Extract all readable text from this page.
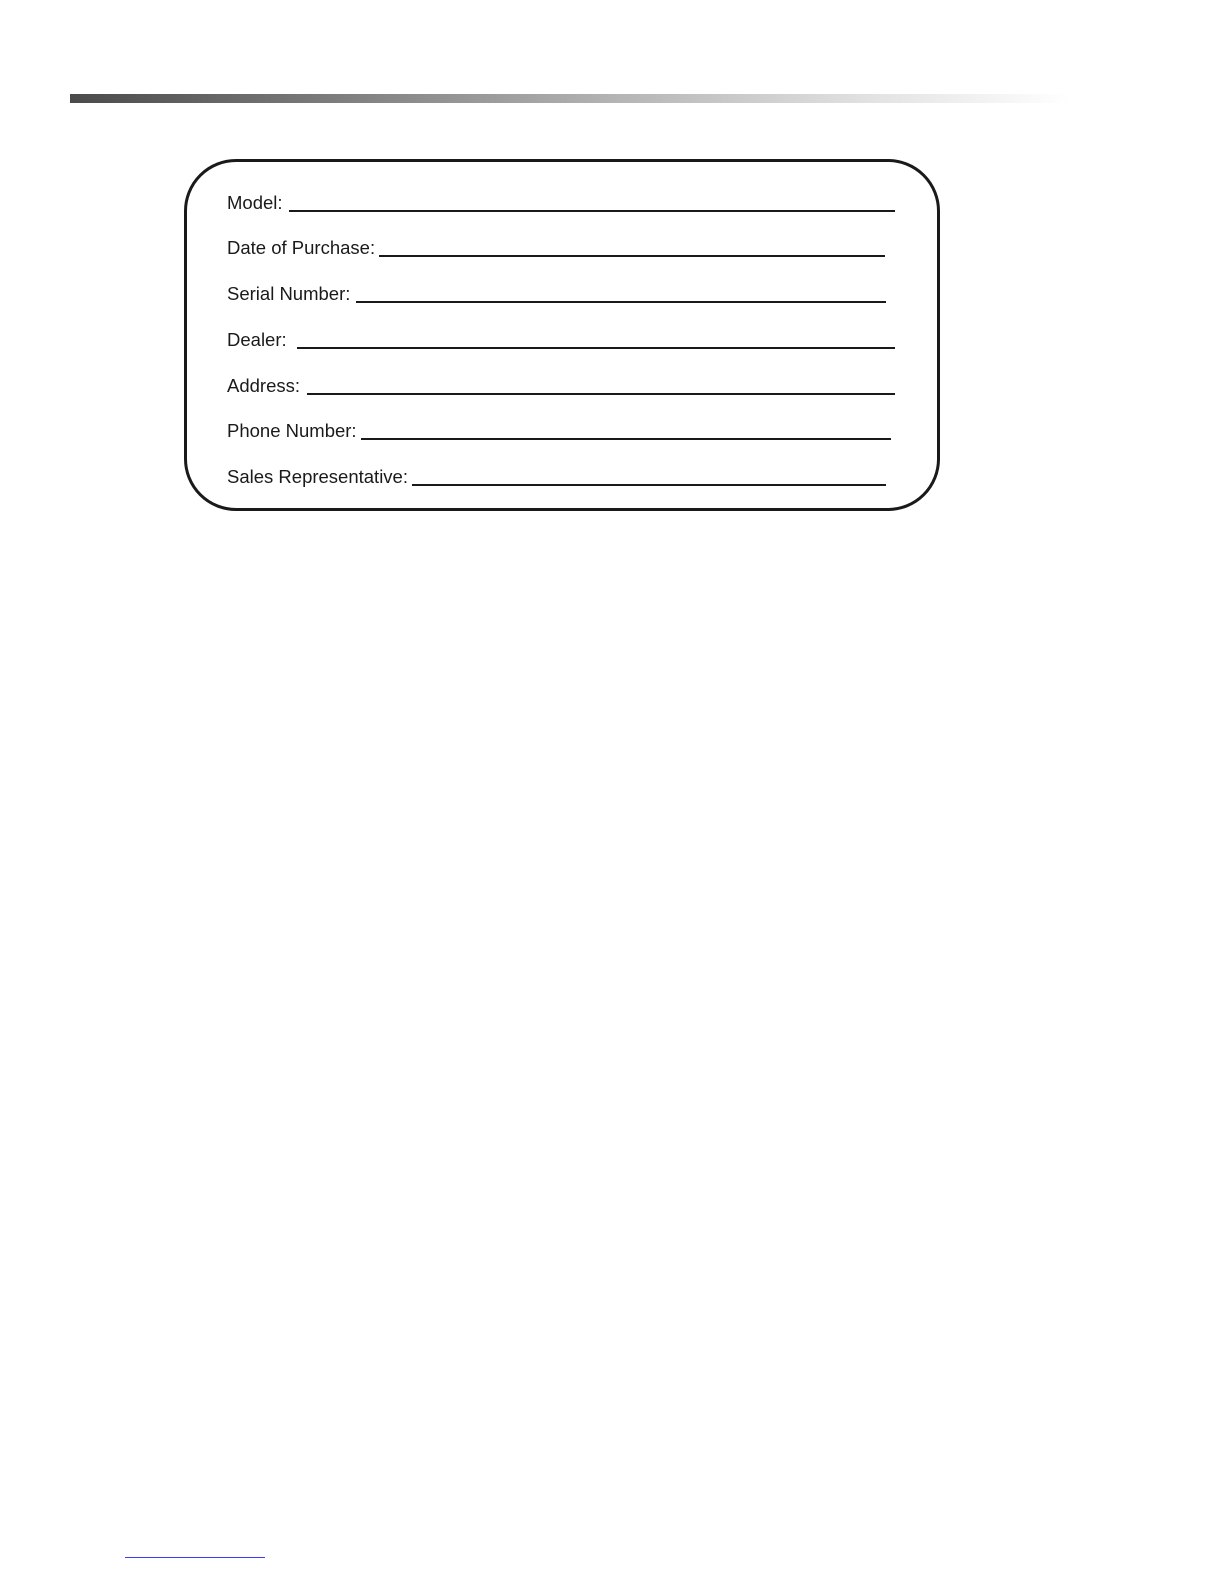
Model:
Date of Purchase:
Serial Number:
Dealer:
Address:
Phone Number:
Sales Representative:
